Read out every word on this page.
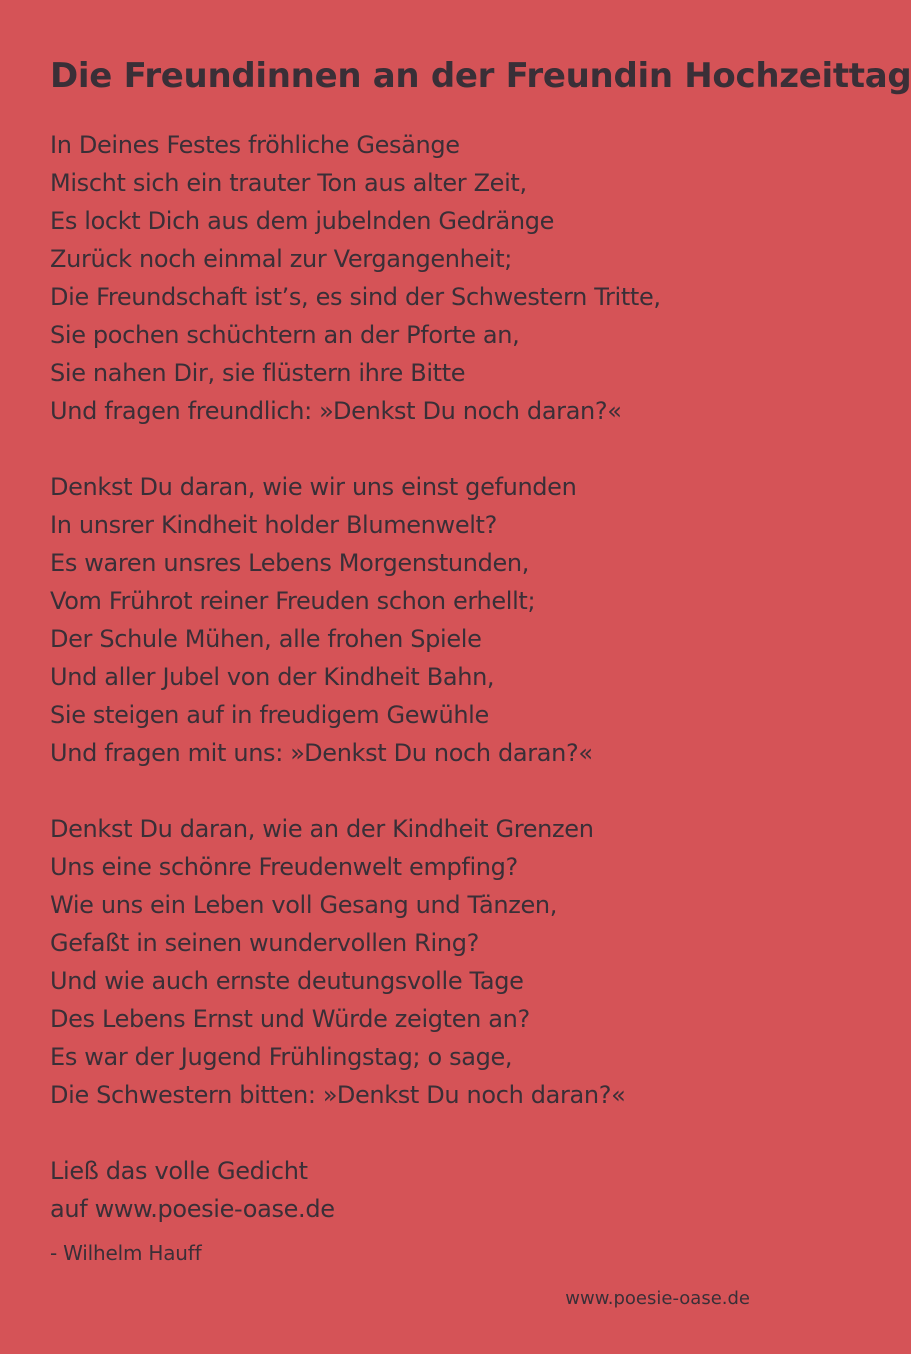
Die Freundinnen an der Freundin Hochzeittag
In Deines Festes fröhliche Gesänge
Mischt sich ein trauter Ton aus alter Zeit,
Es lockt Dich aus dem jubelnden Gedränge
Zurück noch einmal zur Vergangenheit;
Die Freundschaft ist’s, es sind der Schwestern Tritte,
Sie pochen schüchtern an der Pforte an,
Sie nahen Dir, sie flüstern ihre Bitte
Und fragen freundlich: »Denkst Du noch daran?«
Denkst Du daran, wie wir uns einst gefunden
In unsrer Kindheit holder Blumenwelt?
Es waren unsres Lebens Morgenstunden,
Vom Frührot reiner Freuden schon erhellt;
Der Schule Mühen, alle frohen Spiele
Und aller Jubel von der Kindheit Bahn,
Sie steigen auf in freudigem Gewühle
Und fragen mit uns: »Denkst Du noch daran?«
Denkst Du daran, wie an der Kindheit Grenzen
Uns eine schönre Freudenwelt empfing?
Wie uns ein Leben voll Gesang und Tänzen,
Gefaßt in seinen wundervollen Ring?
Und wie auch ernste deutungsvolle Tage
Des Lebens Ernst und Würde zeigten an?
Es war der Jugend Frühlingstag; o sage,
Die Schwestern bitten: »Denkst Du noch daran?«
Ließ das volle Gedicht
auf www.poesie-oase.de
- Wilhelm Hauff
www.poesie-oase.de
